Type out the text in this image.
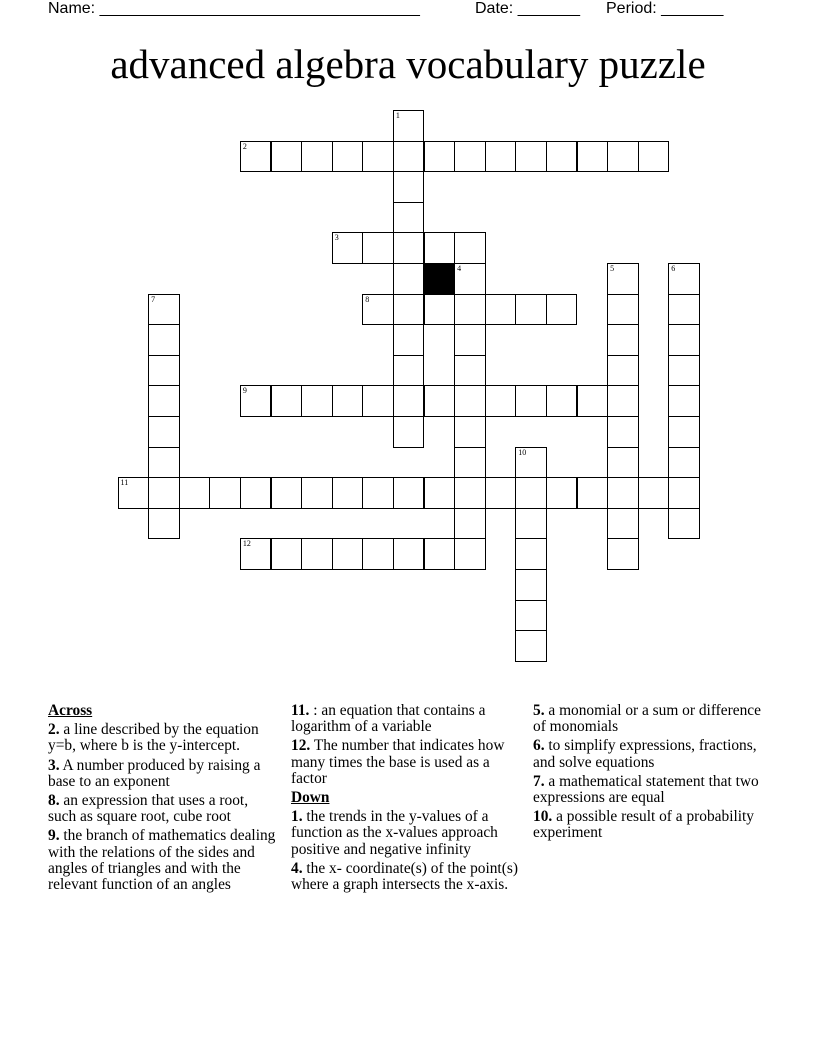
Name: ____________________________________	Date: _______ Period: _______
advanced algebra vocabulary puzzle
1
2
3
4	5	6
7	8
9
10
11
12
Across
2. a line described by the equation y=b, where b is the y-intercept.
3. A number produced by raising a base to an exponent
8. an expression that uses a root, such as square root, cube root
9. the branch of mathematics dealing with the relations of the sides and angles of triangles and with the relevant function of an angles
11. : an equation that contains a logarithm of a variable
12. The number that indicates how many times the base is used as a factor
Down
1. the trends in the y-values of a function as the x-values approach positive and negative infinity
4. the x- coordinate(s) of the point(s) where a graph intersects the x-axis.
5. a monomial or a sum or difference of monomials
6. to simplify expressions, fractions, and solve equations
7. a mathematical statement that two expressions are equal
10. a possible result of a probability experiment
